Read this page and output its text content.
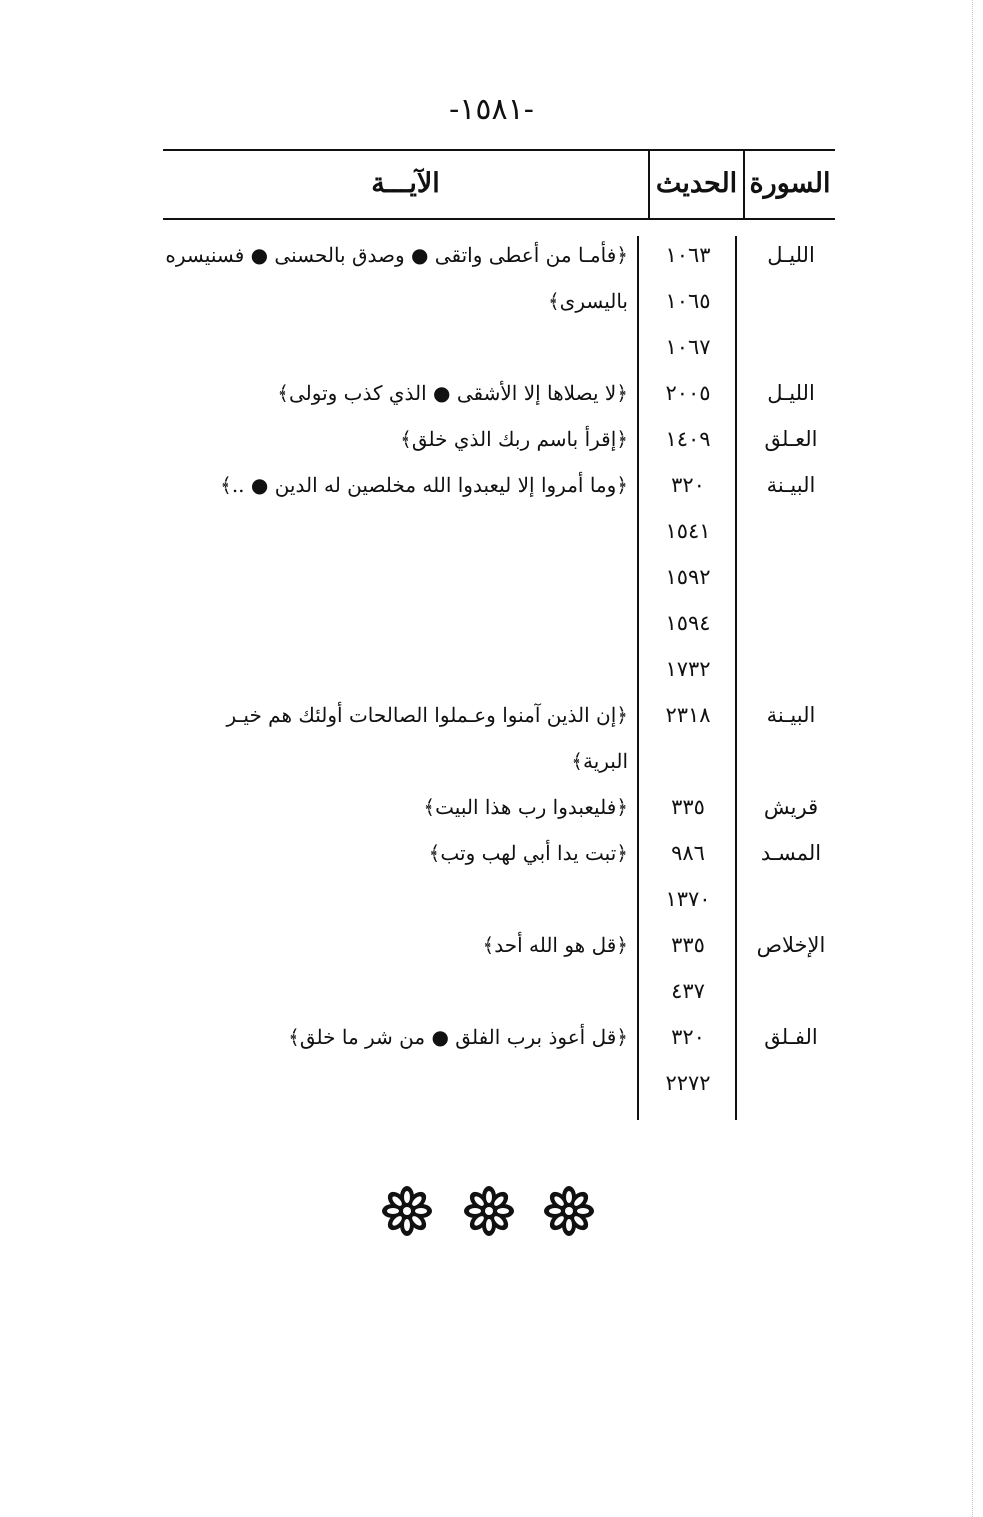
-١٥٨١-
السورة
الحديث
الآيـــة
الليـل
١٠٦٣
﴿فأمـا من أعطى واتقى ● وصدق بالحسنى ● فسنيسره
١٠٦٥
باليسرى﴾
١٠٦٧
الليـل
٢٠٠٥
﴿لا يصلاها إلا الأشقى ● الذي كذب وتولى﴾
العـلق
١٤٠٩
﴿إقرأ باسم ربك الذي خلق﴾
البيـنة
٣٢٠
﴿وما أمروا إلا ليعبدوا الله مخلصين له الدين ● ..﴾
١٥٤١
١٥٩٢
١٥٩٤
١٧٣٢
البيـنة
٢٣١٨
﴿إن الذين آمنوا وعـملوا الصالحات أولئك هم خيـر
البرية﴾
قريش
٣٣٥
﴿فليعبدوا رب هذا البيت﴾
المسـد
٩٨٦
﴿تبت يدا أبي لهب وتب﴾
١٣٧٠
الإخلاص
٣٣٥
﴿قل هو الله أحد﴾
٤٣٧
الفـلق
٣٢٠
﴿قل أعوذ برب الفلق ● من شر ما خلق﴾
٢٢٧٢
